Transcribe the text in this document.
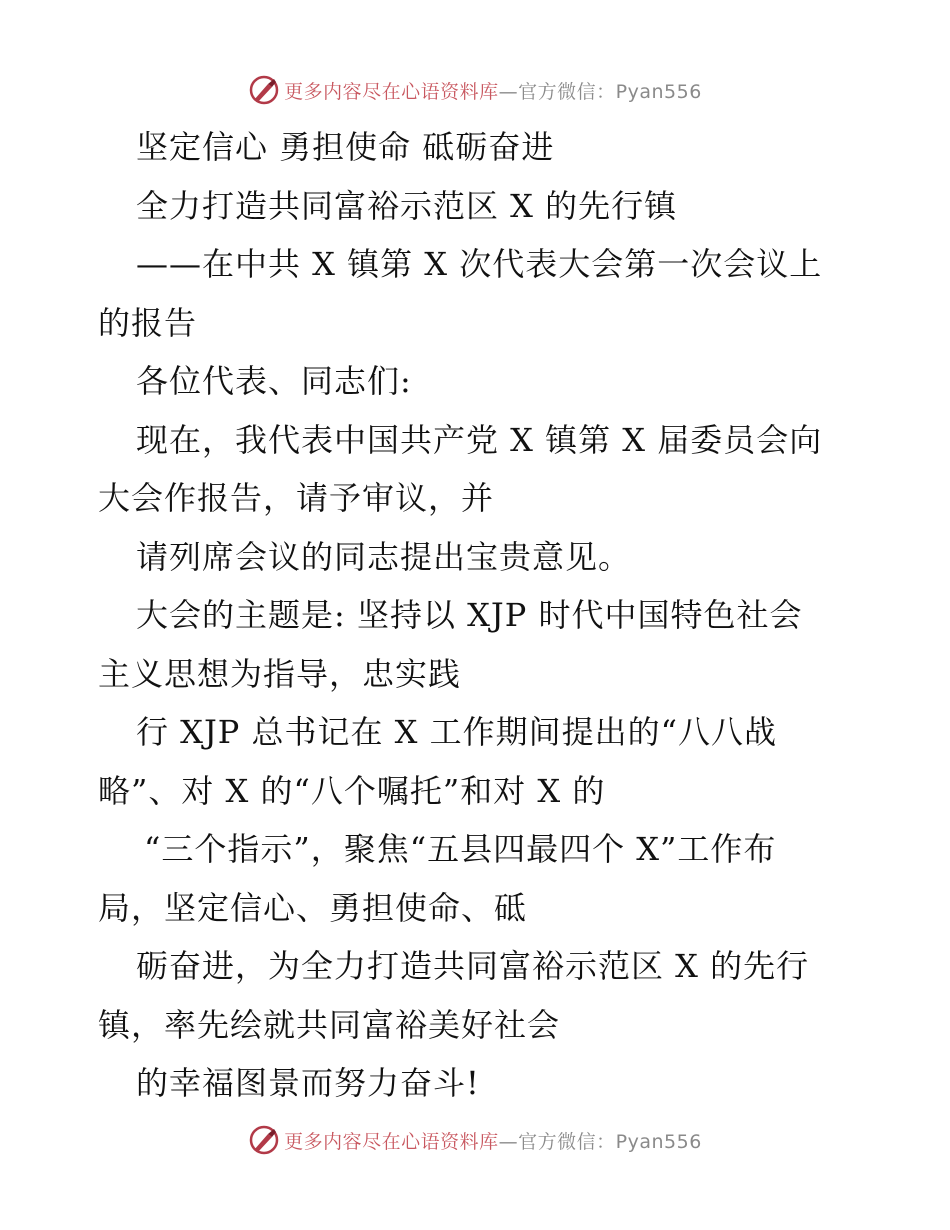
更多内容尽在心语资料库—官方微信：Pyan556
坚定信心 勇担使命 砥砺奋进
全力打造共同富裕示范区 X 的先行镇
——在中共 X 镇第 X 次代表大会第一次会议上
的报告
各位代表、同志们:
现在，我代表中国共产党 X 镇第 X 届委员会向
大会作报告，请予审议，并
请列席会议的同志提出宝贵意见。
大会的主题是: 坚持以 XJP 时代中国特色社会
主义思想为指导，忠实践
行 XJP 总书记在 X 工作期间提出的“八八战
略”、对 X 的“八个嘱托”和对 X 的
“三个指示”，聚焦“五县四最四个 X”工作布
局，坚定信心、勇担使命、砥
砺奋进，为全力打造共同富裕示范区 X 的先行
镇，率先绘就共同富裕美好社会
的幸福图景而努力奋斗!
更多内容尽在心语资料库—官方微信：Pyan556
